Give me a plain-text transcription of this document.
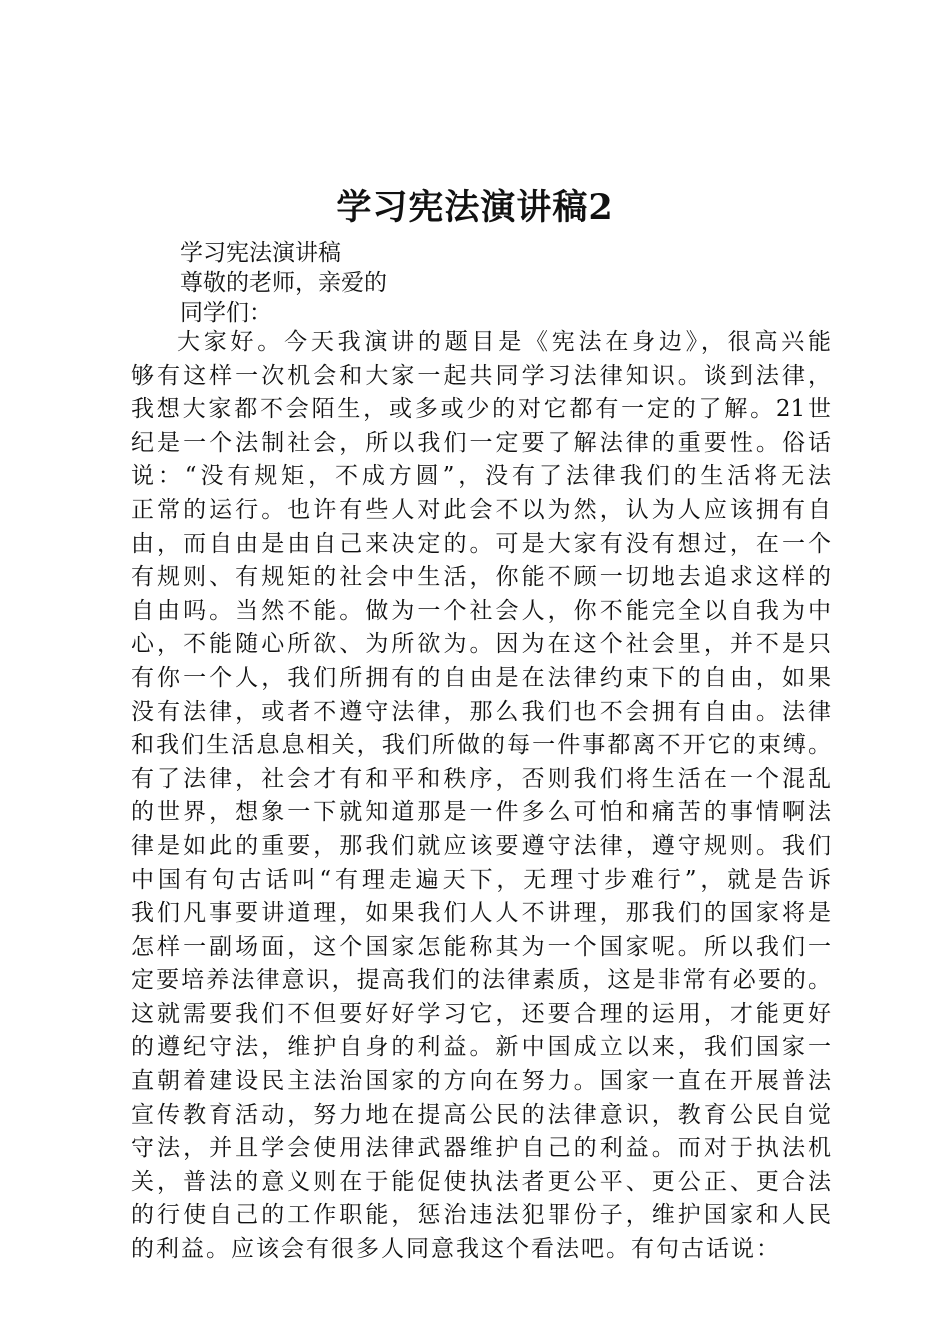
学习宪法演讲稿2
学习宪法演讲稿
尊敬的老师，亲爱的
同学们：
大家好。今天我演讲的题目是《宪法在身边》，很高兴能
够有这样一次机会和大家一起共同学习法律知识。谈到法律，
我想大家都不会陌生，或多或少的对它都有一定的了解。21世
纪是一个法制社会，所以我们一定要了解法律的重要性。俗话
说：“没有规矩，不成方圆”，没有了法律我们的生活将无法
正常的运行。也许有些人对此会不以为然，认为人应该拥有自
由，而自由是由自己来决定的。可是大家有没有想过，在一个
有规则、有规矩的社会中生活，你能不顾一切地去追求这样的
自由吗。当然不能。做为一个社会人，你不能完全以自我为中
心，不能随心所欲、为所欲为。因为在这个社会里，并不是只
有你一个人，我们所拥有的自由是在法律约束下的自由，如果
没有法律，或者不遵守法律，那么我们也不会拥有自由。法律
和我们生活息息相关，我们所做的每一件事都离不开它的束缚。
有了法律，社会才有和平和秩序，否则我们将生活在一个混乱
的世界，想象一下就知道那是一件多么可怕和痛苦的事情啊法
律是如此的重要，那我们就应该要遵守法律，遵守规则。我们
中国有句古话叫“有理走遍天下，无理寸步难行”，就是告诉
我们凡事要讲道理，如果我们人人不讲理，那我们的国家将是
怎样一副场面，这个国家怎能称其为一个国家呢。所以我们一
定要培养法律意识，提高我们的法律素质，这是非常有必要的。
这就需要我们不但要好好学习它，还要合理的运用，才能更好
的遵纪守法，维护自身的利益。新中国成立以来，我们国家一
直朝着建设民主法治国家的方向在努力。国家一直在开展普法
宣传教育活动，努力地在提高公民的法律意识，教育公民自觉
守法，并且学会使用法律武器维护自己的利益。而对于执法机
关，普法的意义则在于能促使执法者更公平、更公正、更合法
的行使自己的工作职能，惩治违法犯罪份子，维护国家和人民
的利益。应该会有很多人同意我这个看法吧。有句古话说：
